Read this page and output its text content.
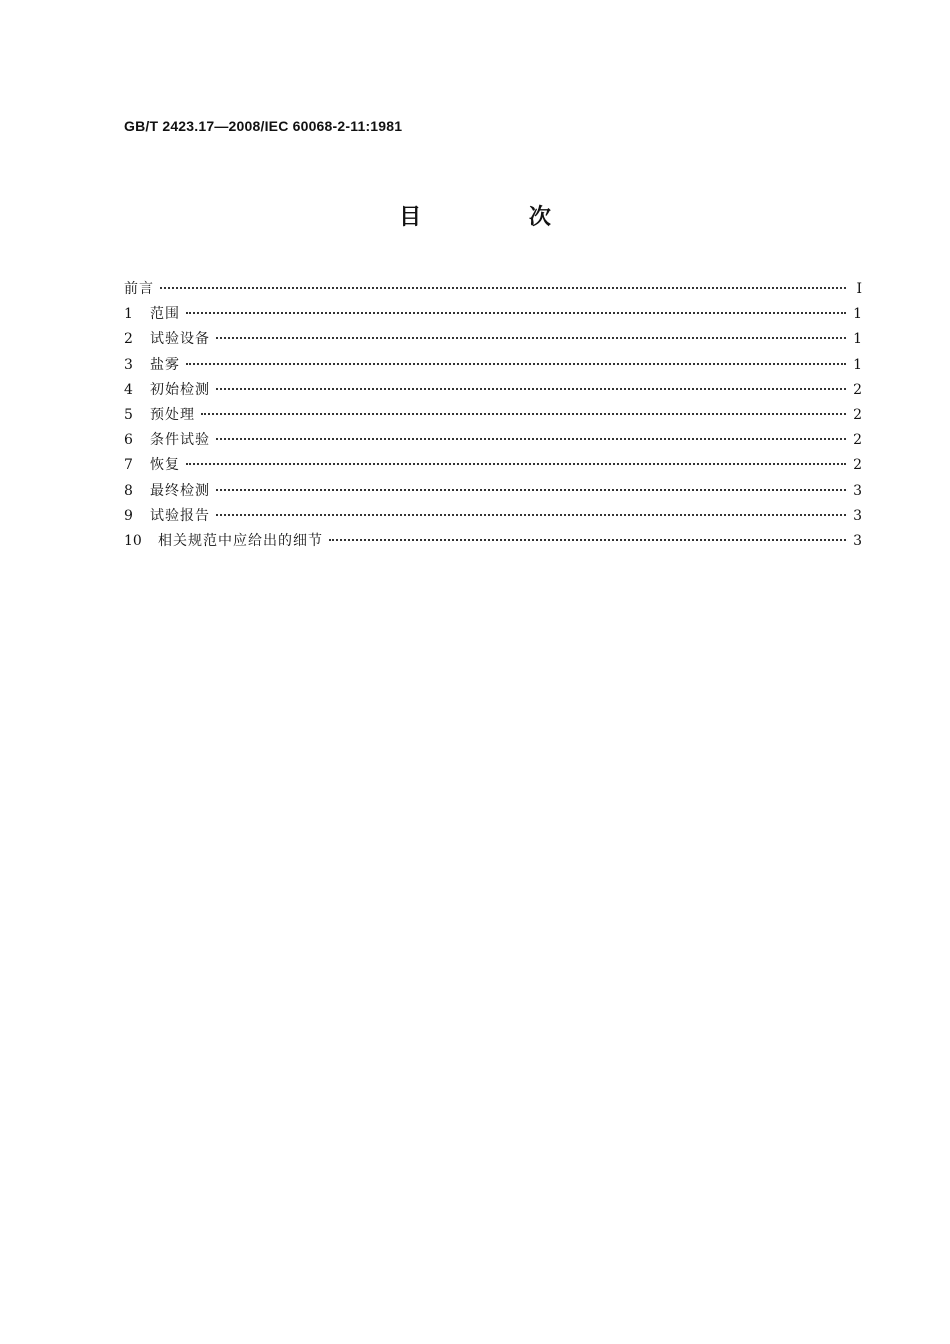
GB/T 2423.17—2008/IEC 60068-2-11:1981
目 次
前言	Ⅰ
1	范围	1
2	试验设备	1
3	盐雾	1
4	初始检测	2
5	预处理	2
6	条件试验	2
7	恢复	2
8	最终检测	3
9	试验报告	3
10	相关规范中应给出的细节	3
